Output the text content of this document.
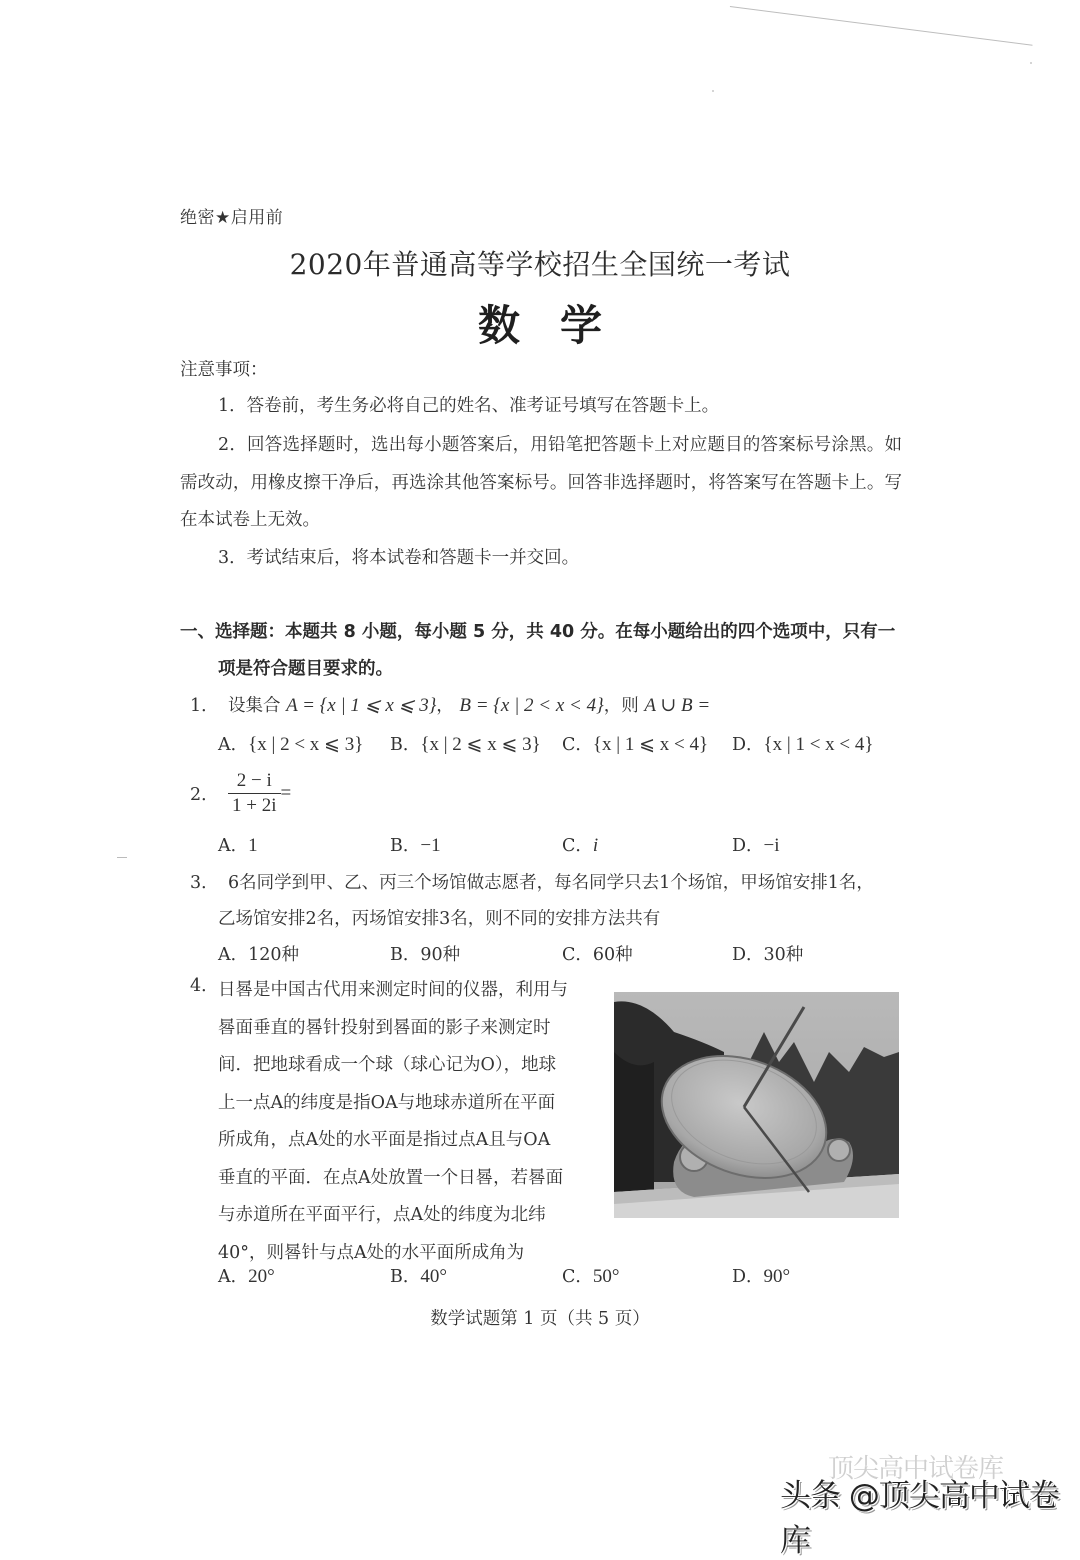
绝密★启用前
2020年普通高等学校招生全国统一考试
数学
注意事项：
1．答卷前，考生务必将自己的姓名、准考证号填写在答题卡上。
2．回答选择题时，选出每小题答案后，用铅笔把答题卡上对应题目的答案标号涂黑。如需改动，用橡皮擦干净后，再选涂其他答案标号。回答非选择题时，将答案写在答题卡上。写在本试卷上无效。
3．考试结束后，将本试卷和答题卡一并交回。
一、选择题：本题共 8 小题，每小题 5 分，共 40 分。在每小题给出的四个选项中，只有一项是符合题目要求的。
1． 设集合 A = {x | 1 ⩽ x ⩽ 3}， B = {x | 2 < x < 4}，则 A ∪ B =
A．{x | 2 < x ⩽ 3} B．{x | 2 ⩽ x ⩽ 3} C．{x | 1 ⩽ x < 4} D．{x | 1 < x < 4}
2． $\frac{2 - i}{1 + 2i}$ =
A．1	B．−1	C．i	D．−i
3． 6名同学到甲、乙、丙三个场馆做志愿者，每名同学只去1个场馆，甲场馆安排1名，
乙场馆安排2名，丙场馆安排3名，则不同的安排方法共有
A．120种	B．90种	C．60种	D．30种
4． 日晷是中国古代用来测定时间的仪器，利用与
晷面垂直的晷针投射到晷面的影子来测定时
间．把地球看成一个球（球心记为O），地球
上一点A的纬度是指OA与地球赤道所在平面
所成角，点A处的水平面是指过点A且与OA
垂直的平面．在点A处放置一个日晷，若晷面
与赤道所在平面平行，点A处的纬度为北纬
40°，则晷针与点A处的水平面所成角为
A．20°	B．40°	C．50°	D．90°
数学试题第 1 页（共 5 页）
顶尖高中试卷库
头条 @顶尖高中试卷库
